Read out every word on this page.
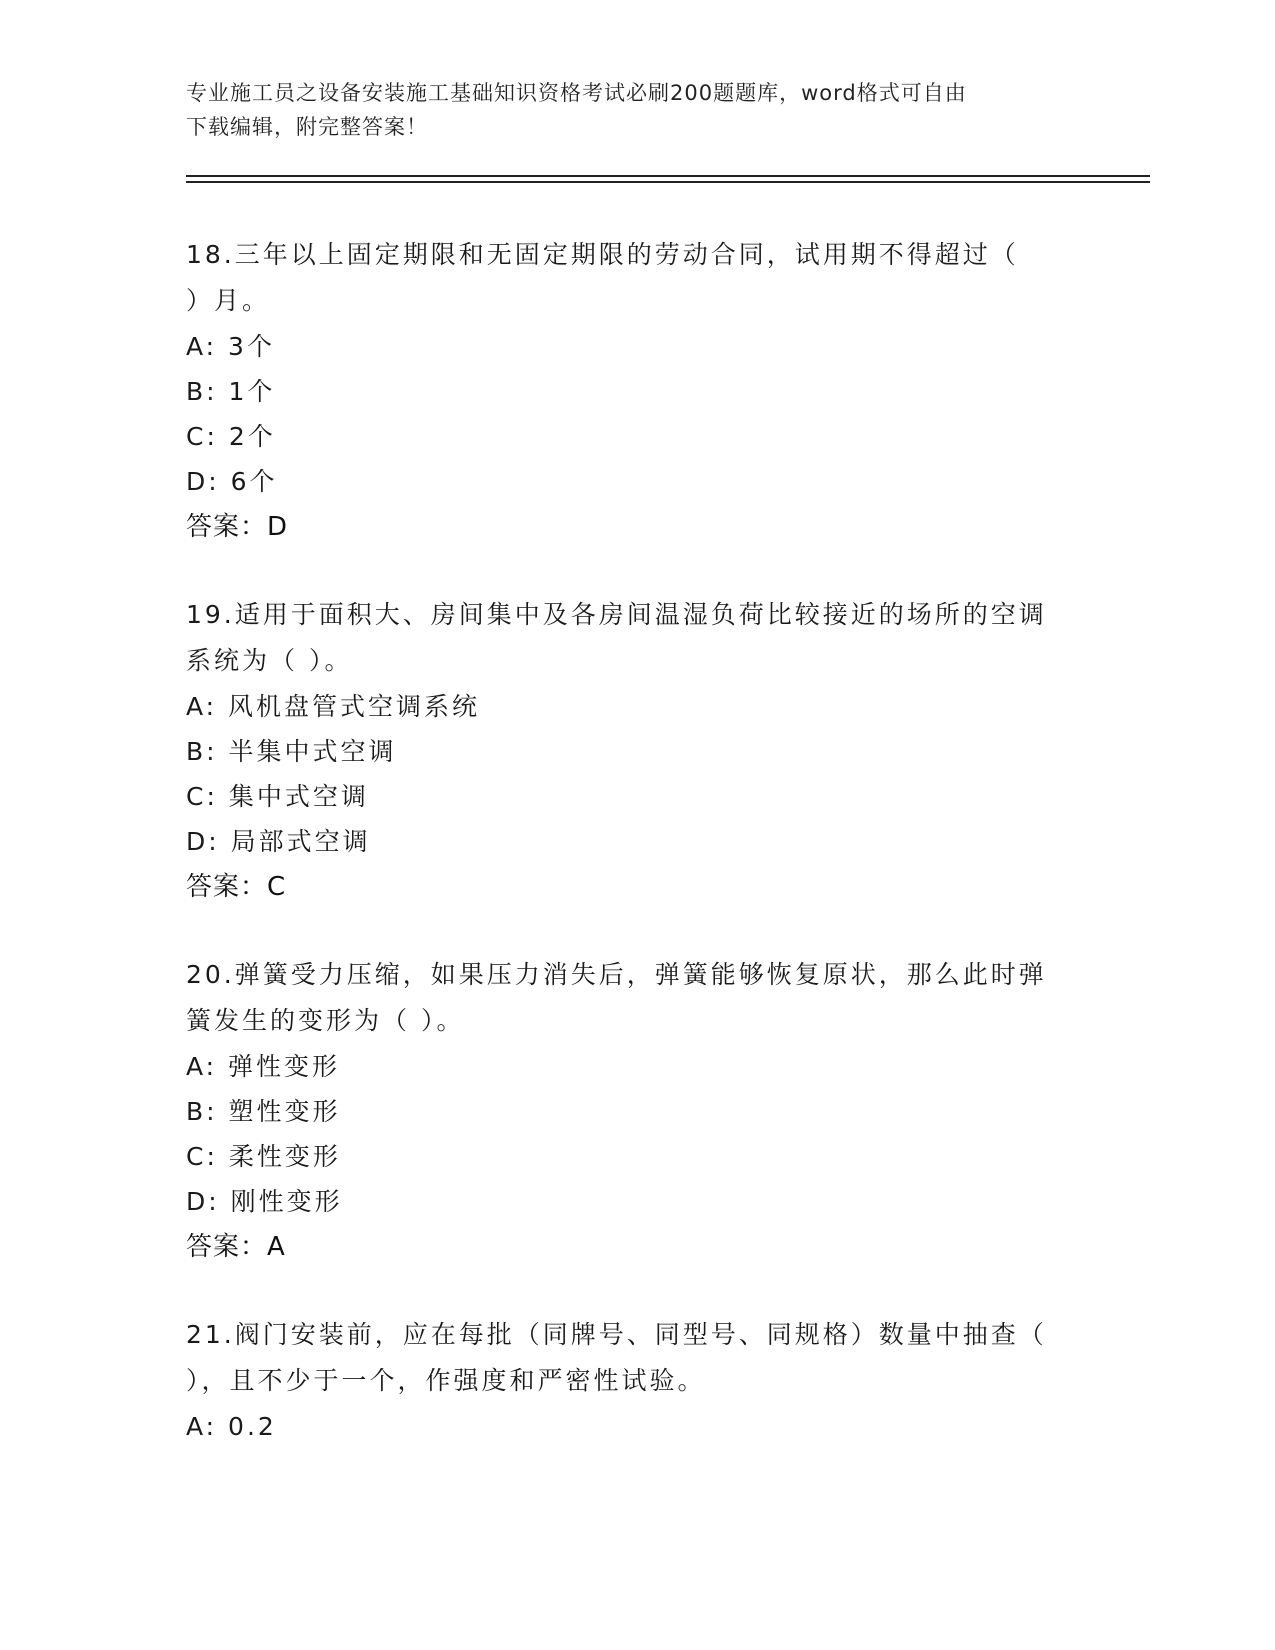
专业施工员之设备安装施工基础知识资格考试必刷200题题库，word格式可自由
下载编辑，附完整答案！
18.三年以上固定期限和无固定期限的劳动合同，试用期不得超过（
）月。
A: 3个
B: 1个
C: 2个
D: 6个
答案：D
19.适用于面积大、房间集中及各房间温湿负荷比较接近的场所的空调
系统为（ ）。
A: 风机盘管式空调系统
B: 半集中式空调
C: 集中式空调
D: 局部式空调
答案：C
20.弹簧受力压缩，如果压力消失后，弹簧能够恢复原状，那么此时弹
簧发生的变形为（ ）。
A: 弹性变形
B: 塑性变形
C: 柔性变形
D: 刚性变形
答案：A
21.阀门安装前，应在每批（同牌号、同型号、同规格）数量中抽查（
），且不少于一个，作强度和严密性试验。
A: 0.2
